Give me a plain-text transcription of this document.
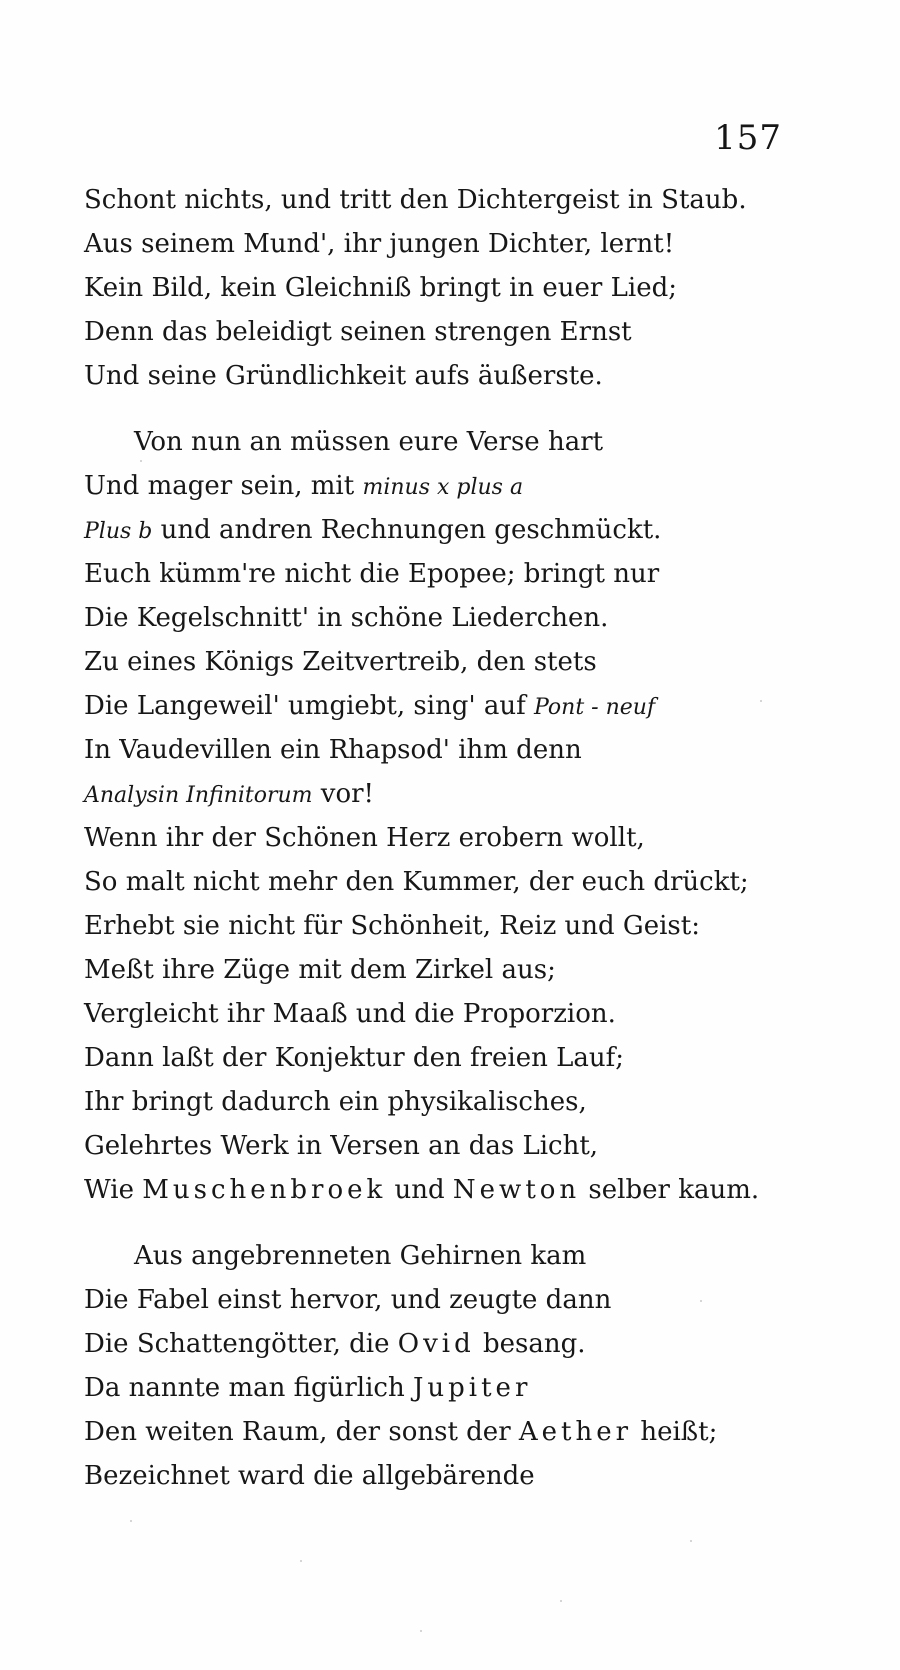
157
Schont nichts, und tritt den Dichtergeist in Staub.
Aus seinem Mund', ihr jungen Dichter, lernt!
Kein Bild, kein Gleichniß bringt in euer Lied;
Denn das beleidigt seinen strengen Ernst
Und seine Gründlichkeit aufs äußerste.
Von nun an müssen eure Verse hart
Und mager sein, mit minus x plus a
Plus b und andren Rechnungen geschmückt.
Euch kümm're nicht die Epopee; bringt nur
Die Kegelschnitt' in schöne Liederchen.
Zu eines Königs Zeitvertreib, den stets
Die Langeweil' umgiebt, sing' auf Pont - neuf
In Vaudevillen ein Rhapsod' ihm denn
Analysin Infinitorum vor!
Wenn ihr der Schönen Herz erobern wollt,
So malt nicht mehr den Kummer, der euch drückt;
Erhebt sie nicht für Schönheit, Reiz und Geist:
Meßt ihre Züge mit dem Zirkel aus;
Vergleicht ihr Maaß und die Proporzion.
Dann laßt der Konjektur den freien Lauf;
Ihr bringt dadurch ein physikalisches,
Gelehrtes Werk in Versen an das Licht,
Wie Muschenbroek und Newton selber kaum.
Aus angebrenneten Gehirnen kam
Die Fabel einst hervor, und zeugte dann
Die Schattengötter, die Ovid besang.
Da nannte man figürlich Jupiter
Den weiten Raum, der sonst der Aether heißt;
Bezeichnet ward die allgebärende
